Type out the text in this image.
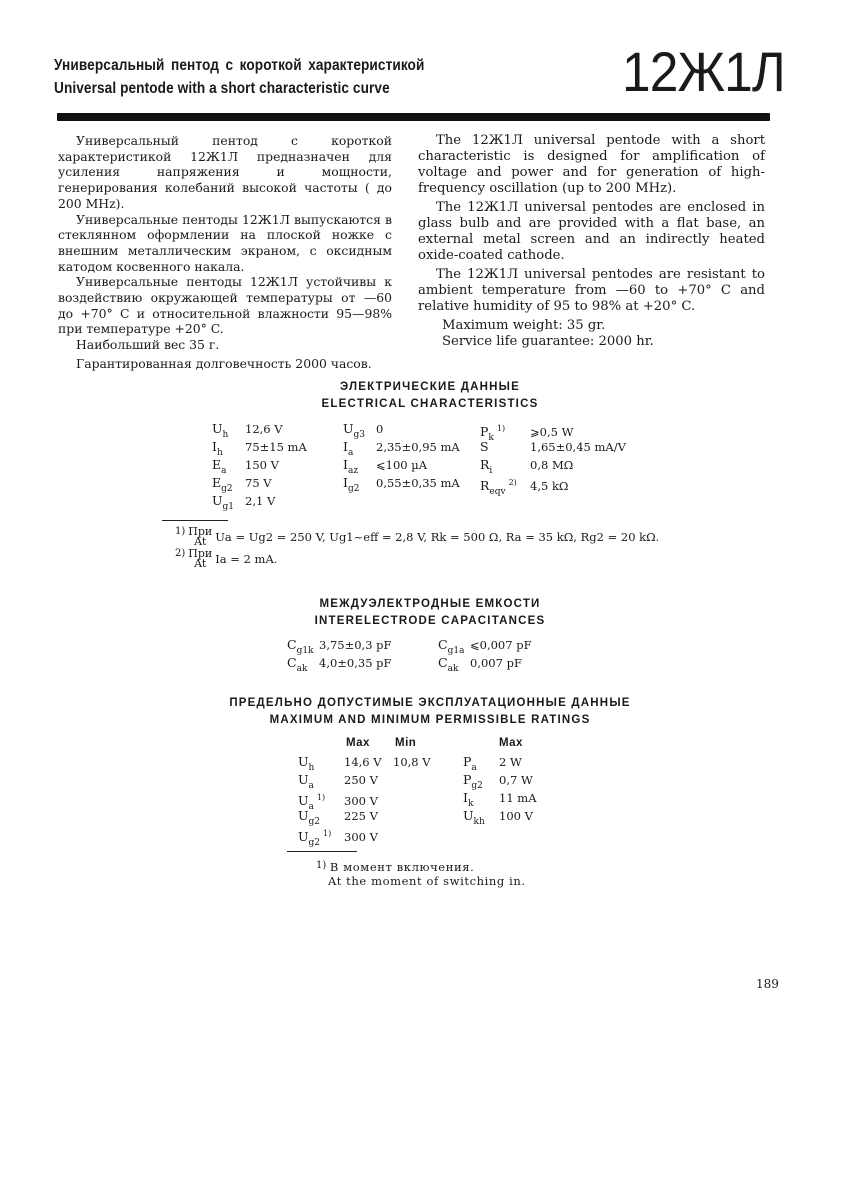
Универсальный пентод с короткой характеристикой
Universal pentode with a short characteristic curve	12Ж1Л

Универсальный пентод с короткой характеристикой 12Ж1Л предназначен для усиления напряжения и мощности, генерирования колебаний высокой частоты ( до 200 MHz).

Универсальные пентоды 12Ж1Л выпускаются в стеклянном оформлении на плоской ножке с внешним металлическим экраном, с оксидным катодом косвенного накала.

Универсальные пентоды 12Ж1Л устойчивы к воздействию окружающей температуры от —60 до +70° C и относительной влажности 95—98% при температуре +20° C.

Наибольший вес 35 г.

Гарантированная долговечность 2000 часов.

The 12Ж1Л universal pentode with a short characteristic is designed for amplification of voltage and power and for generation of high-frequency oscillation (up to 200 MHz).

The 12Ж1Л universal pentodes are enclosed in glass bulb and are provided with a flat base, an external metal screen and an indirectly heated oxide-coated cathode.

The 12Ж1Л universal pentodes are resistant to ambient temperature from —60 to +70° C and relative humidity of 95 to 98% at +20° C.

Maximum weight: 35 gr.

Service life guarantee: 2000 hr.

ЭЛЕКТРИЧЕСКИЕ ДАННЫЕ
ELECTRICAL CHARACTERISTICS
$U_h$ 12,6 V
$I_h$ 75±15 mA
$E_a$ 150 V
$E_{g2}$ 75 V
$U_{g1}$ 2,1 V
$U_{g3}$ 0
$I_a$ 2,35±0,95 mA
$I_{az}$ ⩽100 µA
$I_{g2}$ 0,55±0,35 mA
$P_k^{1)}$ ⩾0,5 W
S	1,65±0,45 mA/V
$R_i$	0,8 MΩ
$R_{eqv}^{2)}$ 4,5 kΩ
1) При
At Ua = Ug2 = 250 V, Ug1~eff = 2,8 V, Rk = 500 Ω, Ra = 35 kΩ, Rg2 = 20 kΩ.
2) При
At Ia = 2 mA.
МЕЖДУЭЛЕКТРОДНЫЕ ЕМКОСТИ
INTERELECTRODE CAPACITANCES
$C_{g1k}$ 3,75±0,3 pF
$C_{ak}$ 4,0±0,35 pF
$C_{g1a}$ ⩽0,007 pF
$C_{ak}$ 0,007 pF
ПРЕДЕЛЬНО ДОПУСТИМЫЕ ЭКСПЛУАТАЦИОННЫЕ ДАННЫЕ
MAXIMUM AND MINIMUM PERMISSIBLE RATINGS
Max Min	Max
$U_h$	14,6 V 10,8 V
$U_a$	250 V
$U_a^{1)}$ 300 V
$U_{g2}$ 225 V
$U_{g2}^{1)}$ 300 V
$P_a$ 2 W
$P_{g2}$ 0,7 W
$I_k$ 11 mA
$U_{kh}$ 100 V
1) В момент включения.
At the moment of switching in.
189
